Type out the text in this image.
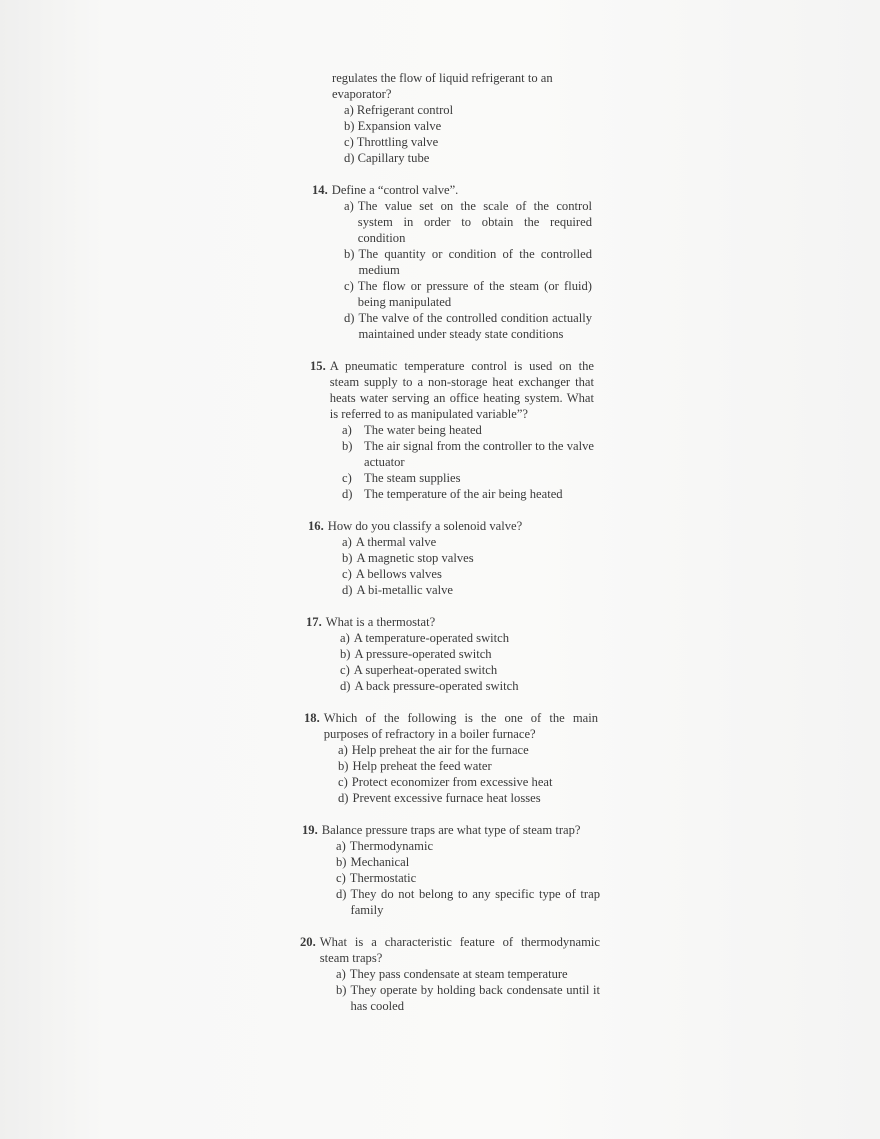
regulates the flow of liquid refrigerant to an evaporator?
a) Refrigerant control
b) Expansion valve
c) Throttling valve
d) Capillary tube
14. Define a “control valve”.
a) The value set on the scale of the control system in order to obtain the required condition
b) The quantity or condition of the controlled medium
c) The flow or pressure of the steam (or fluid) being manipulated
d) The valve of the controlled condition actually maintained under steady state conditions
15. A pneumatic temperature control is used on the steam supply to a non-storage heat exchanger that heats water serving an office heating system. What is referred to as manipulated variable”?
a) The water being heated
b) The air signal from the controller to the valve actuator
c) The steam supplies
d) The temperature of the air being heated
16. How do you classify a solenoid valve?
a) A thermal valve
b) A magnetic stop valves
c) A bellows valves
d) A bi-metallic valve
17. What is a thermostat?
a) A temperature-operated switch
b) A pressure-operated switch
c) A superheat-operated switch
d) A back pressure-operated switch
18. Which of the following is the one of the main purposes of refractory in a boiler furnace?
a) Help preheat the air for the furnace
b) Help preheat the feed water
c) Protect economizer from excessive heat
d) Prevent excessive furnace heat losses
19. Balance pressure traps are what type of steam trap?
a) Thermodynamic
b) Mechanical
c) Thermostatic
d) They do not belong to any specific type of trap family
20. What is a characteristic feature of thermodynamic steam traps?
a) They pass condensate at steam temperature
b) They operate by holding back condensate until it has cooled
